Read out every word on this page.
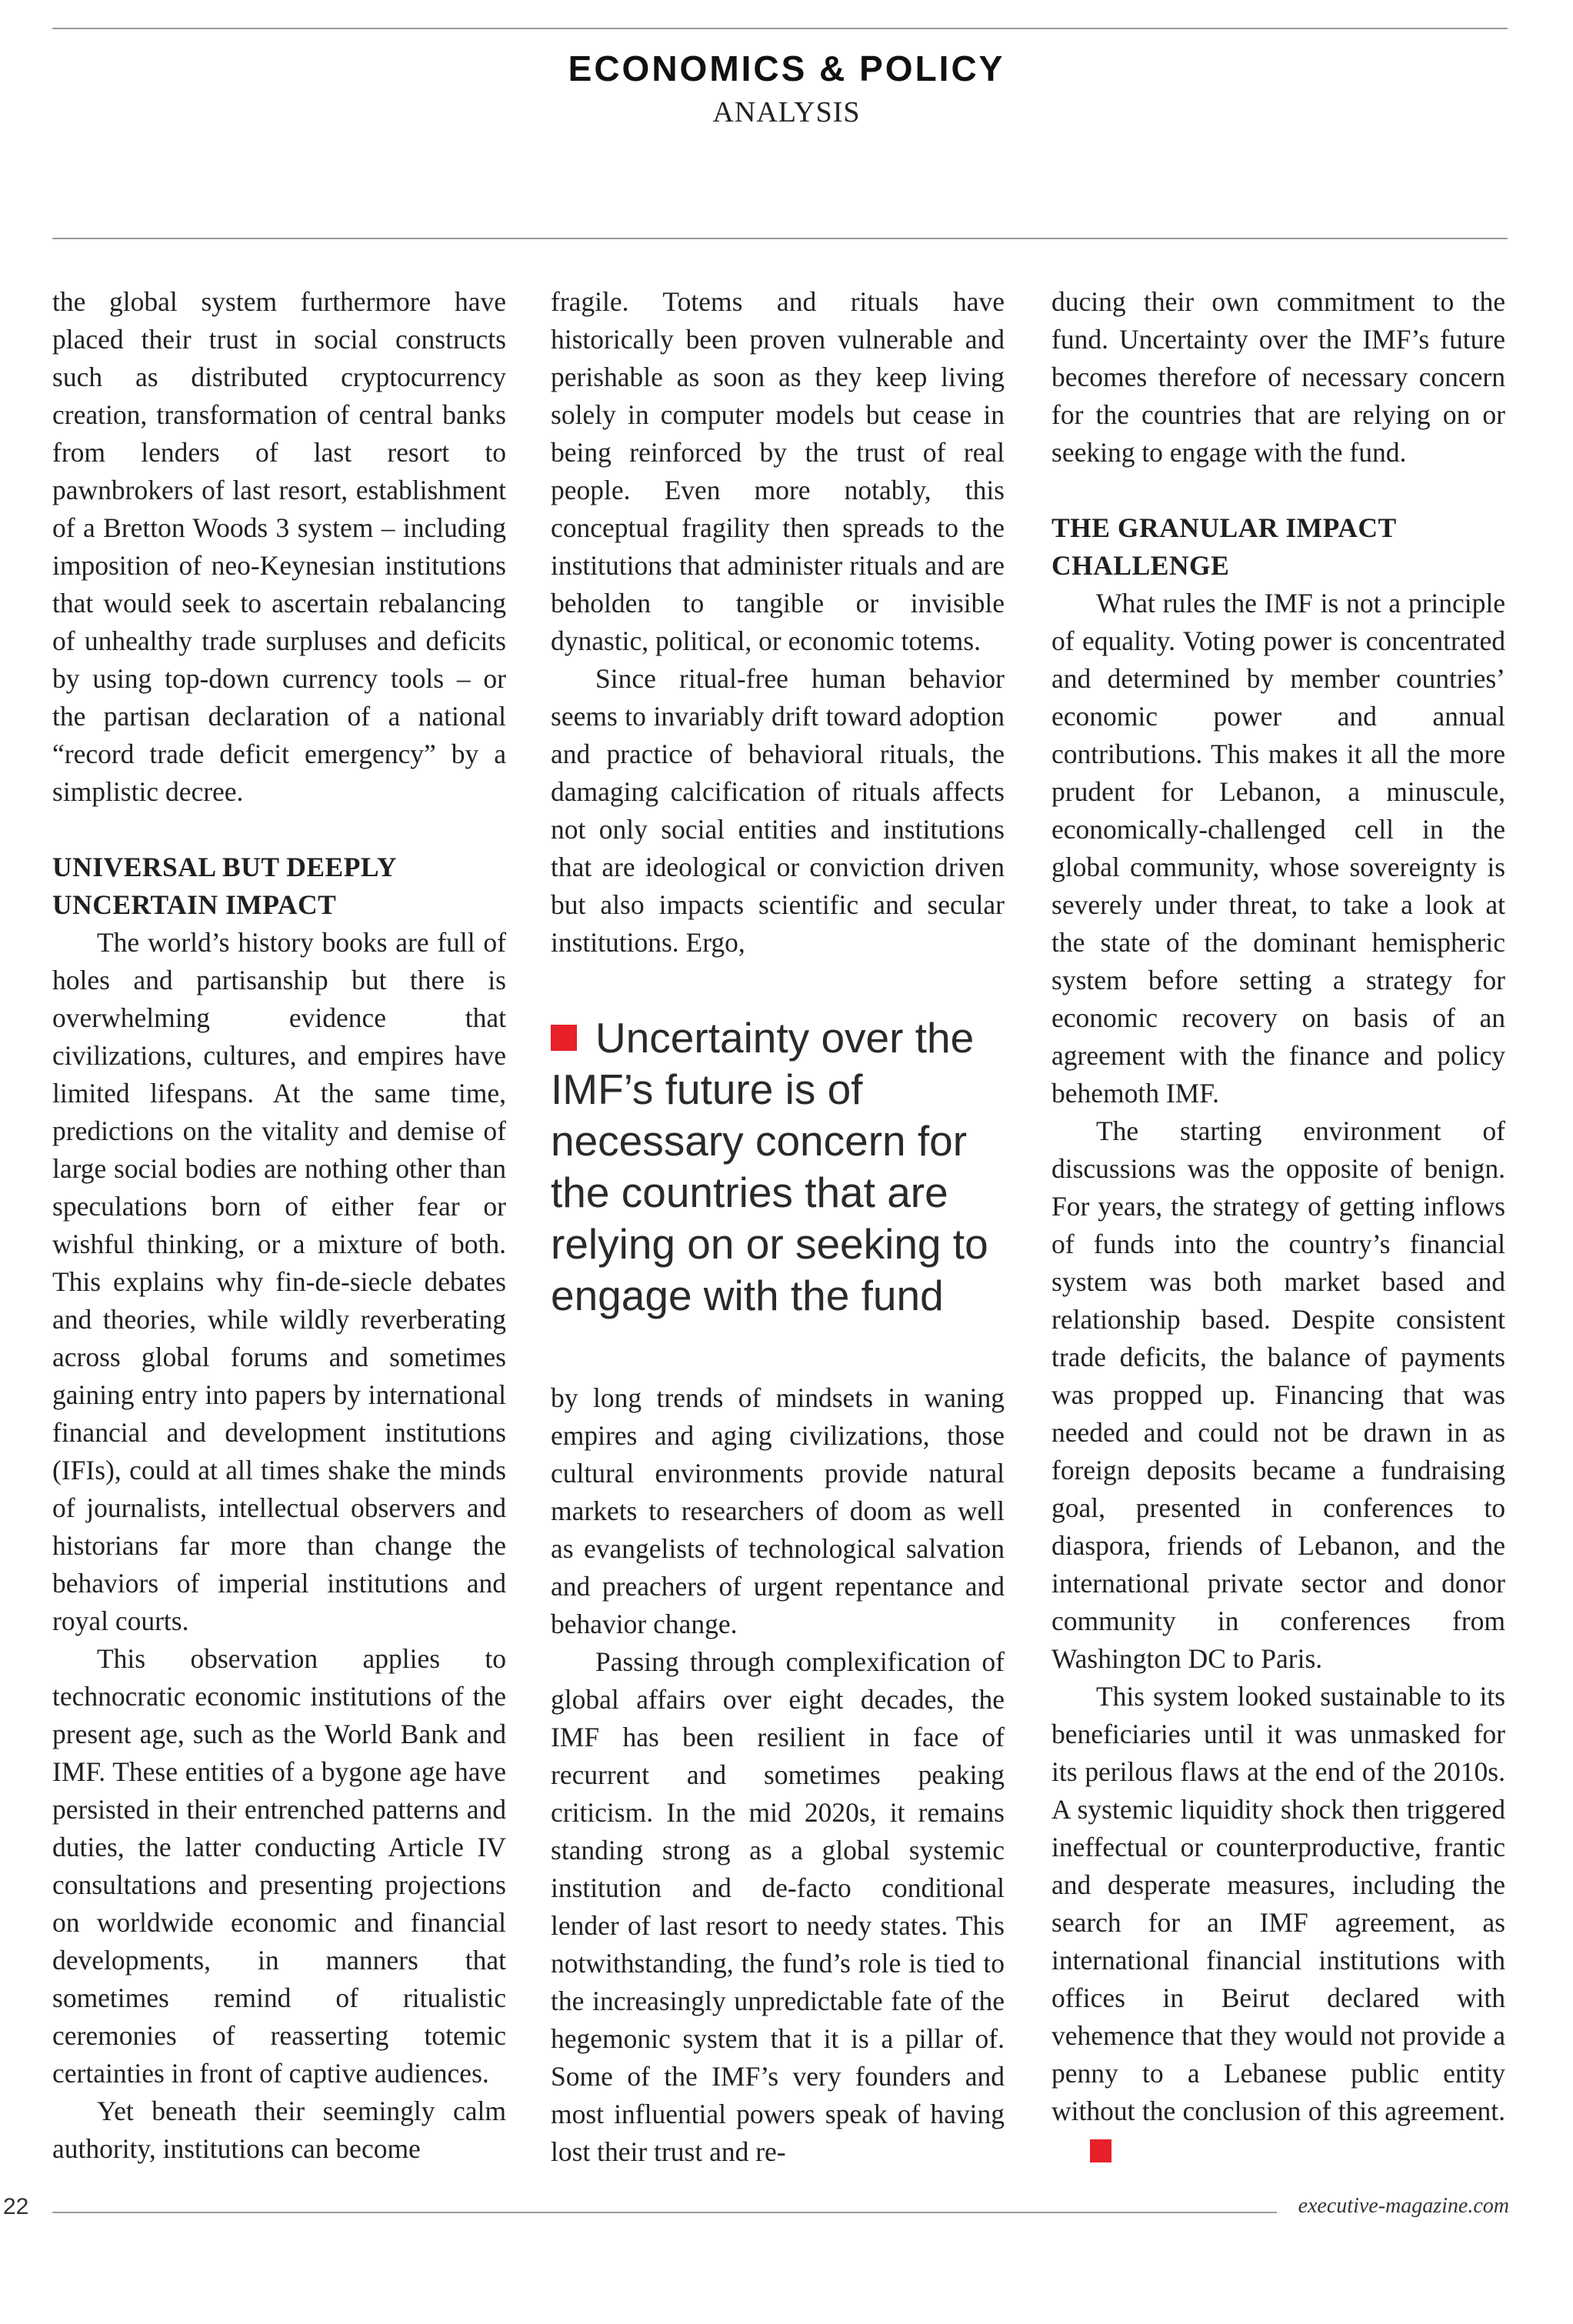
ECONOMICS & POLICY
ANALYSIS

the global system furthermore have placed their trust in social constructs such as distributed cryptocurrency creation, transformation of central banks from lenders of last resort to pawnbrokers of last resort, establishment of a Bretton Woods 3 system – including imposition of neo-Keynesian institutions that would seek to ascertain rebalancing of unhealthy trade surpluses and deficits by using top-down currency tools – or the partisan declaration of a national “record trade deficit emergency” by a simplistic decree.

UNIVERSAL BUT DEEPLY UNCERTAIN IMPACT

The world’s history books are full of holes and partisanship but there is overwhelming evidence that civilizations, cultures, and empires have limited lifespans. At the same time, predictions on the vitality and demise of large social bodies are nothing other than speculations born of either fear or wishful thinking, or a mixture of both. This explains why fin-de-siecle debates and theories, while wildly reverberating across global forums and sometimes gaining entry into papers by international financial and development institutions (IFIs), could at all times shake the minds of journalists, intellectual observers and historians far more than change the behaviors of imperial institutions and royal courts.

This observation applies to technocratic economic institutions of the present age, such as the World Bank and IMF. These entities of a bygone age have persisted in their entrenched patterns and duties, the latter conducting Article IV consultations and presenting projections on worldwide economic and financial developments, in manners that sometimes remind of ritualistic ceremonies of reasserting totemic certainties in front of captive audiences.

Yet beneath their seemingly calm authority, institutions can become

fragile. Totems and rituals have historically been proven vulnerable and perishable as soon as they keep living solely in computer models but cease in being reinforced by the trust of real people. Even more notably, this conceptual fragility then spreads to the institutions that administer rituals and are beholden to tangible or invisible dynastic, political, or economic totems.

Since ritual-free human behavior seems to invariably drift toward adoption and practice of behavioral rituals, the damaging calcification of rituals affects not only social entities and institutions that are ideological or conviction driven but also impacts scientific and secular institutions. Ergo,

Uncertainty over the IMF’s future is of necessary concern for the countries that are relying on or seeking to engage with the fund

by long trends of mindsets in waning empires and aging civilizations, those cultural environments provide natural markets to researchers of doom as well as evangelists of technological salvation and preachers of urgent repentance and behavior change.

Passing through complexification of global affairs over eight decades, the IMF has been resilient in face of recurrent and sometimes peaking criticism. In the mid 2020s, it remains standing strong as a global systemic institution and de-facto conditional lender of last resort to needy states. This notwithstanding, the fund’s role is tied to the increasingly unpredictable fate of the hegemonic system that it is a pillar of. Some of the IMF’s very founders and most influential powers speak of having lost their trust and re-

ducing their own commitment to the fund. Uncertainty over the IMF’s future becomes therefore of necessary concern for the countries that are relying on or seeking to engage with the fund.

THE GRANULAR IMPACT CHALLENGE

What rules the IMF is not a principle of equality. Voting power is concentrated and determined by member countries’ economic power and annual contributions. This makes it all the more prudent for Lebanon, a minuscule, economically-challenged cell in the global community, whose sovereignty is severely under threat, to take a look at the state of the dominant hemispheric system before setting a strategy for economic recovery on basis of an agreement with the finance and policy behemoth IMF.

The starting environment of discussions was the opposite of benign. For years, the strategy of getting inflows of funds into the country’s financial system was both market based and relationship based. Despite consistent trade deficits, the balance of payments was propped up. Financing that was needed and could not be drawn in as foreign deposits became a fundraising goal, presented in conferences to diaspora, friends of Lebanon, and the international private sector and donor community in conferences from Washington DC to Paris.

This system looked sustainable to its beneficiaries until it was unmasked for its perilous flaws at the end of the 2010s. A systemic liquidity shock then triggered ineffectual or counterproductive, frantic and desperate measures, including the search for an IMF agreement, as international financial institutions with offices in Beirut declared with vehemence that they would not provide a penny to a Lebanese public entity without the conclusion of this agreement.E

22	executive-magazine.com
